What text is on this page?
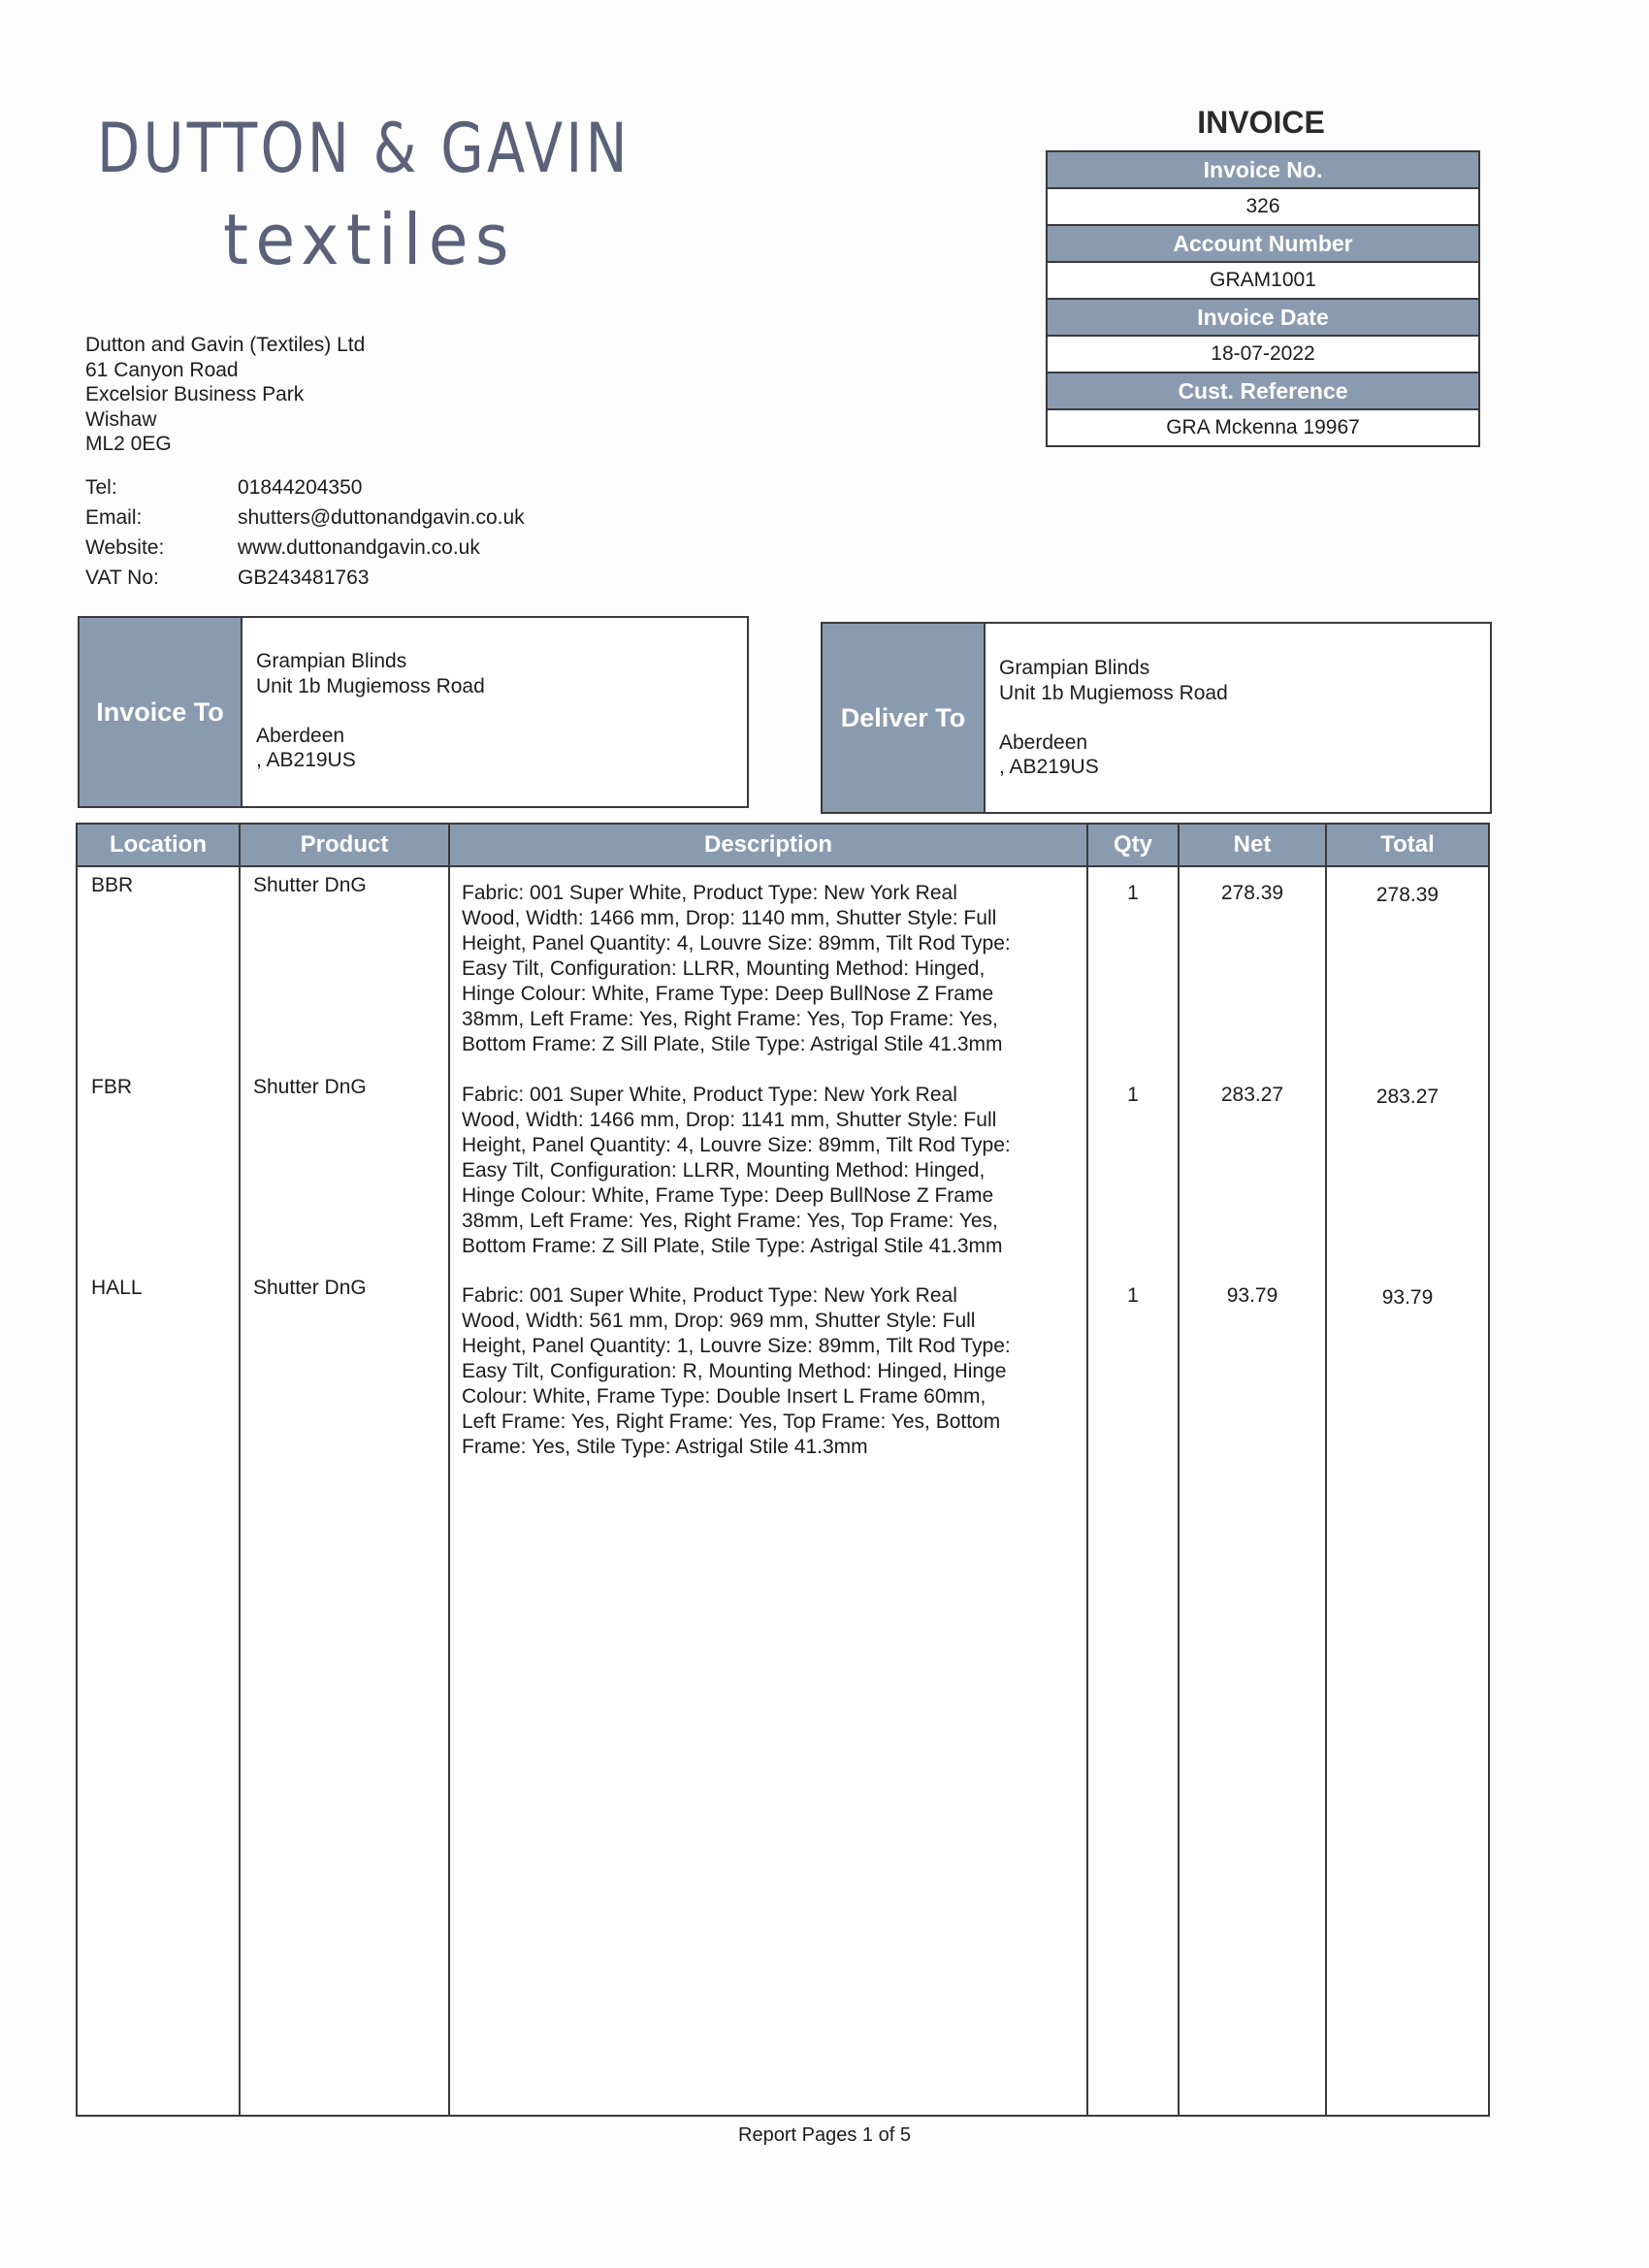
DUTTON & GAVIN
textiles
Dutton and Gavin (Textiles) Ltd
61 Canyon Road
Excelsior Business Park
Wishaw
ML2 0EG
Tel:	01844204350
Email:	shutters@duttonandgavin.co.uk
Website:	www.duttonandgavin.co.uk
VAT No:	GB243481763
INVOICE
Invoice No.
326
Account Number
GRAM1001
Invoice Date
18-07-2022
Cust. Reference
GRA Mckenna 19967
Invoice To
Grampian Blinds
Unit 1b Mugiemoss Road
Aberdeen
, AB219US
Deliver To
Grampian Blinds
Unit 1b Mugiemoss Road
Aberdeen
, AB219US
Location	Product	Description	Qty	Net	Total
BBR	Shutter DnG	Fabric: 001 Super White, Product Type: New York Real
Wood, Width: 1466 mm, Drop: 1140 mm, Shutter Style: Full
Height, Panel Quantity: 4, Louvre Size: 89mm, Tilt Rod Type:
Easy Tilt, Configuration: LLRR, Mounting Method: Hinged,
Hinge Colour: White, Frame Type: Deep BullNose Z Frame
38mm, Left Frame: Yes, Right Frame: Yes, Top Frame: Yes,
Bottom Frame: Z Sill Plate, Stile Type: Astrigal Stile 41.3mm
1	278.39	278.39
FBR	Shutter DnG	Fabric: 001 Super White, Product Type: New York Real
Wood, Width: 1466 mm, Drop: 1141 mm, Shutter Style: Full
Height, Panel Quantity: 4, Louvre Size: 89mm, Tilt Rod Type:
Easy Tilt, Configuration: LLRR, Mounting Method: Hinged,
Hinge Colour: White, Frame Type: Deep BullNose Z Frame
38mm, Left Frame: Yes, Right Frame: Yes, Top Frame: Yes,
Bottom Frame: Z Sill Plate, Stile Type: Astrigal Stile 41.3mm
1	283.27	283.27
HALL	Shutter DnG	Fabric: 001 Super White, Product Type: New York Real
Wood, Width: 561 mm, Drop: 969 mm, Shutter Style: Full
Height, Panel Quantity: 1, Louvre Size: 89mm, Tilt Rod Type:
Easy Tilt, Configuration: R, Mounting Method: Hinged, Hinge
Colour: White, Frame Type: Double Insert L Frame 60mm,
Left Frame: Yes, Right Frame: Yes, Top Frame: Yes, Bottom
Frame: Yes, Stile Type: Astrigal Stile 41.3mm
1	93.79	93.79
Report Pages 1 of 5
